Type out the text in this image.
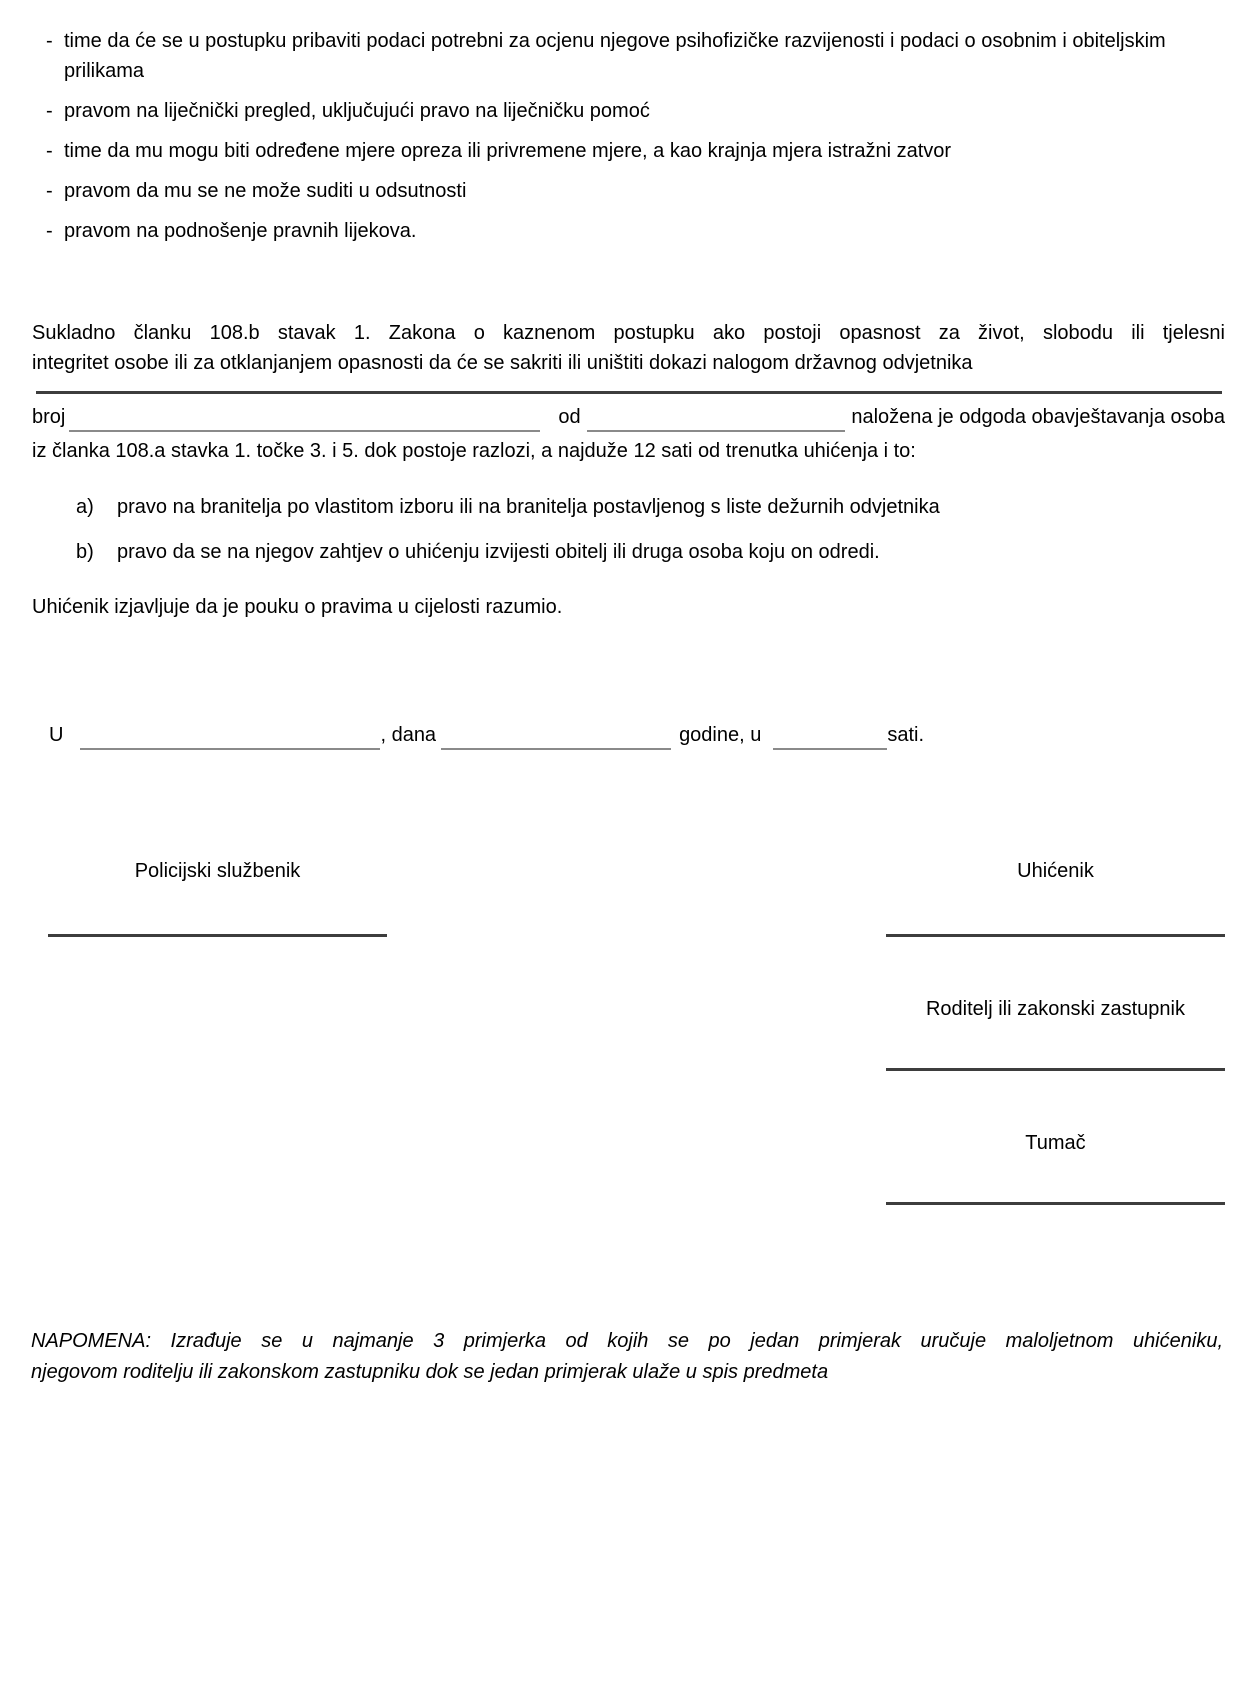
- time da će se u postupku pribaviti podaci potrebni za ocjenu njegove psihofizičke razvijenosti i podaci o osobnim i obiteljskim prilikama
- pravom na liječnički pregled, uključujući pravo na liječničku pomoć
- time da mu mogu biti određene mjere opreza ili privremene mjere, a kao krajnja mjera istražni zatvor
- pravom da mu se ne može suditi u odsutnosti
- pravom na podnošenje pravnih lijekova.
Sukladno članku 108.b stavak 1. Zakona o kaznenom postupku ako postoji opasnost za život, slobodu ili tjelesni
integritet osobe ili za otklanjanjem opasnosti da će se sakriti ili uništiti dokazi nalogom državnog odvjetnika
broj	od	naložena je odgoda obavještavanja osoba
iz članka 108.a stavka 1. točke 3. i 5. dok postoje razlozi, a najduže 12 sati od trenutka uhićenja i to:
a) pravo na branitelja po vlastitom izboru ili na branitelja postavljenog s liste dežurnih odvjetnika
b) pravo da se na njegov zahtjev o uhićenju izvijesti obitelj ili druga osoba koju on odredi.
Uhićenik izjavljuje da je pouku o pravima u cijelosti razumio.
U	, dana	godine, u	sati.
Policijski službenik	Uhićenik
Roditelj ili zakonski zastupnik
Tumač
NAPOMENA: Izrađuje se u najmanje 3 primjerka od kojih se po jedan primjerak uručuje maloljetnom uhićeniku,
njegovom roditelju ili zakonskom zastupniku dok se jedan primjerak ulaže u spis predmeta
